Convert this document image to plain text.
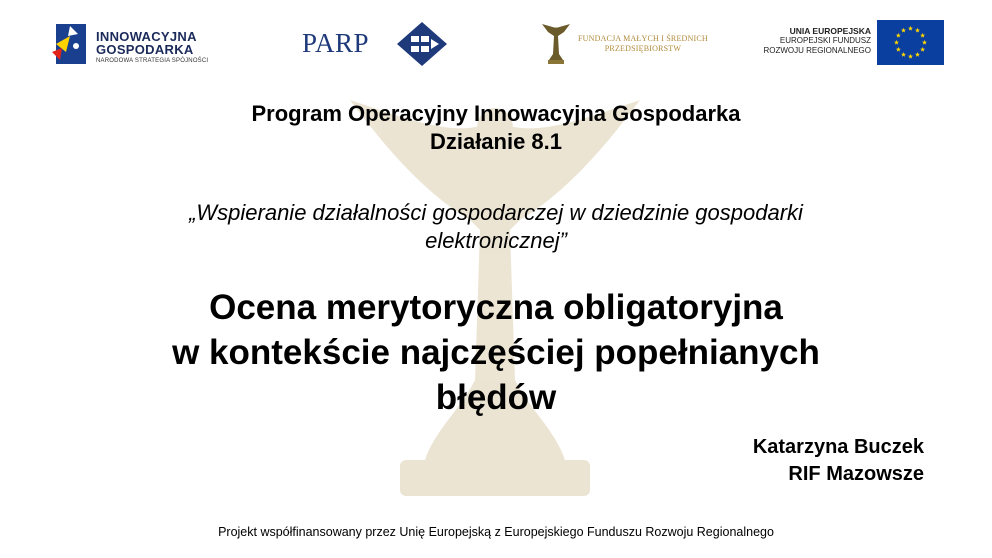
INNOWACYJNA
GOSPODARKA
NARODOWA STRATEGIA SPÓJNOŚCI
PARP	FUNDACJA MAŁYCH I ŚREDNICH
PRZEDSIĘBIORSTW
UNIA EUROPEJSKA
EUROPEJSKI FUNDUSZ
ROZWOJU REGIONALNEGO
Program Operacyjny Innowacyjna Gospodarka
Działanie 8.1
„Wspieranie działalności gospodarczej w dziedzinie gospodarki
elektronicznej”
Ocena merytoryczna obligatoryjna
w kontekście najczęściej popełnianych
błędów
Katarzyna Buczek
RIF Mazowsze
Projekt współfinansowany przez Unię Europejską z Europejskiego Funduszu Rozwoju Regionalnego
